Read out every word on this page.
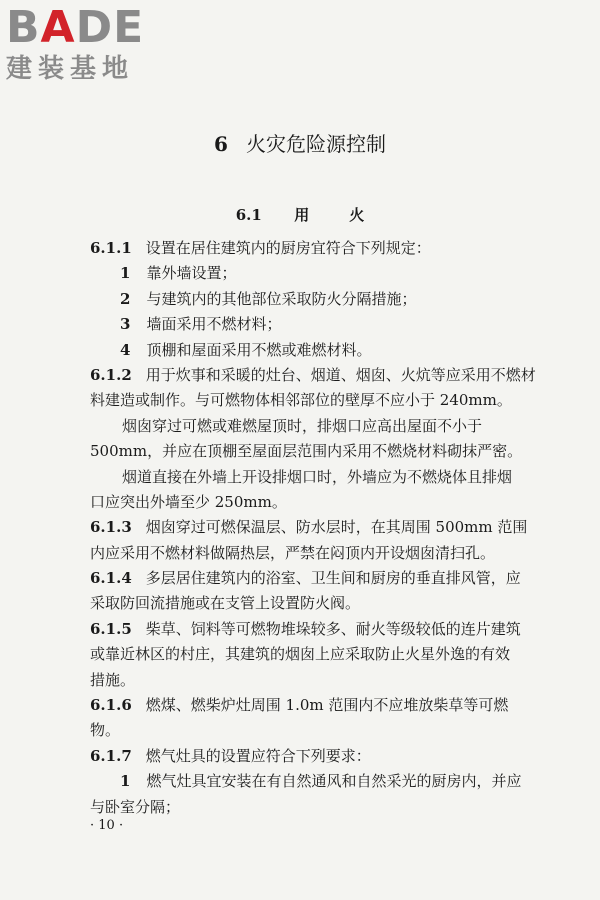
BADE
建装基地
6 火灾危险源控制
6.1 用	火
6.1.1 设置在居住建筑内的厨房宜符合下列规定：
1 靠外墙设置；
2 与建筑内的其他部位采取防火分隔措施；
3 墙面采用不燃材料；
4 顶棚和屋面采用不燃或难燃材料。
6.1.2 用于炊事和采暖的灶台、烟道、烟囱、火炕等应采用不燃材
料建造或制作。与可燃物体相邻部位的壁厚不应小于 240mm。
烟囱穿过可燃或难燃屋顶时，排烟口应高出屋面不小于
500mm，并应在顶棚至屋面层范围内采用不燃烧材料砌抹严密。
烟道直接在外墙上开设排烟口时，外墙应为不燃烧体且排烟
口应突出外墙至少 250mm。
6.1.3 烟囱穿过可燃保温层、防水层时，在其周围 500mm 范围
内应采用不燃材料做隔热层，严禁在闷顶内开设烟囱清扫孔。
6.1.4 多层居住建筑内的浴室、卫生间和厨房的垂直排风管，应
采取防回流措施或在支管上设置防火阀。
6.1.5 柴草、饲料等可燃物堆垛较多、耐火等级较低的连片建筑
或靠近林区的村庄，其建筑的烟囱上应采取防止火星外逸的有效
措施。
6.1.6 燃煤、燃柴炉灶周围 1.0m 范围内不应堆放柴草等可燃
物。
6.1.7 燃气灶具的设置应符合下列要求：
1 燃气灶具宜安装在有自然通风和自然采光的厨房内，并应
与卧室分隔；
· 10 ·
